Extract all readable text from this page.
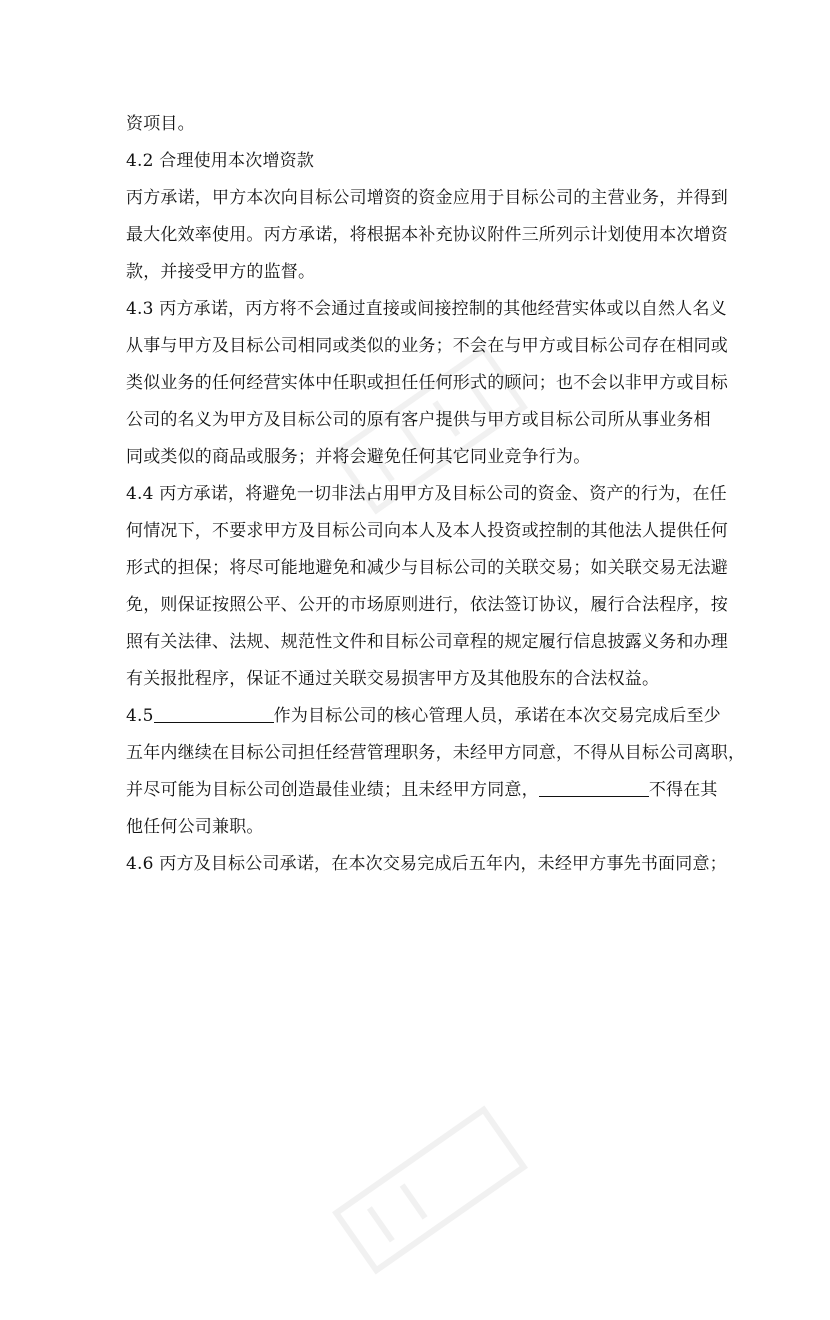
资项目。
4.2 合理使用本次增资款
丙方承诺，甲方本次向目标公司增资的资金应用于目标公司的主营业务，并得到
最大化效率使用。丙方承诺，将根据本补充协议附件三所列示计划使用本次增资
款，并接受甲方的监督。
4.3 丙方承诺，丙方将不会通过直接或间接控制的其他经营实体或以自然人名义
从事与甲方及目标公司相同或类似的业务；不会在与甲方或目标公司存在相同或
类似业务的任何经营实体中任职或担任任何形式的顾问；也不会以非甲方或目标
公司的名义为甲方及目标公司的原有客户提供与甲方或目标公司所从事业务相
同或类似的商品或服务；并将会避免任何其它同业竞争行为。
4.4 丙方承诺，将避免一切非法占用甲方及目标公司的资金、资产的行为，在任
何情况下，不要求甲方及目标公司向本人及本人投资或控制的其他法人提供任何
形式的担保；将尽可能地避免和减少与目标公司的关联交易；如关联交易无法避
免，则保证按照公平、公开的市场原则进行，依法签订协议，履行合法程序，按
照有关法律、法规、规范性文件和目标公司章程的规定履行信息披露义务和办理
有关报批程序，保证不通过关联交易损害甲方及其他股东的合法权益。
4.5	作为目标公司的核心管理人员，承诺在本次交易完成后至少
五年内继续在目标公司担任经营管理职务，未经甲方同意，不得从目标公司离职，
并尽可能为目标公司创造最佳业绩；且未经甲方同意，	不得在其
他任何公司兼职。
4.6 丙方及目标公司承诺，在本次交易完成后五年内，未经甲方事先书面同意；
